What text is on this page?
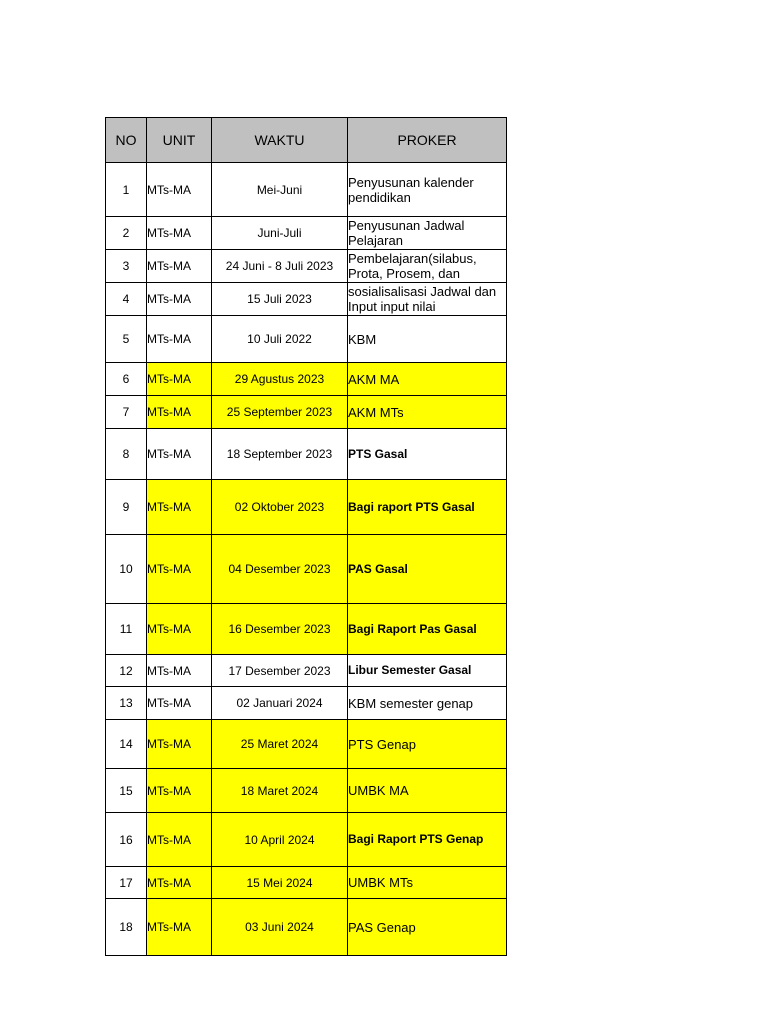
NO	UNIT	WAKTU	PROKER

1	MTs-MA	Mei-Juni	Penyusunan kalender pendidikan

2	MTs-MA	Juni-Juli	Penyusunan Jadwal Pelajaran

3	MTs-MA	24 Juni - 8 Juli 2023	Pembelajaran(silabus, Prota, Prosem, dan

4	MTs-MA	15 Juli 2023	sosialisalisasi Jadwal dan Input input nilai

5	MTs-MA	10 Juli 2022	KBM

6	MTs-MA	29 Agustus 2023	AKM MA

7	MTs-MA	25 September 2023	AKM MTs

8	MTs-MA	18 September 2023	PTS Gasal

9	MTs-MA	02 Oktober 2023	Bagi raport PTS Gasal

10	MTs-MA	04 Desember 2023	PAS Gasal

11	MTs-MA	16 Desember 2023	Bagi Raport Pas Gasal

12	MTs-MA	17 Desember 2023	Libur Semester Gasal

13	MTs-MA	02 Januari 2024	KBM semester genap

14	MTs-MA	25 Maret 2024	PTS Genap

15	MTs-MA	18 Maret 2024	UMBK MA

16	MTs-MA	10 April 2024	Bagi Raport PTS Genap

17	MTs-MA	15 Mei 2024	UMBK MTs

18	MTs-MA	03 Juni 2024	PAS Genap
